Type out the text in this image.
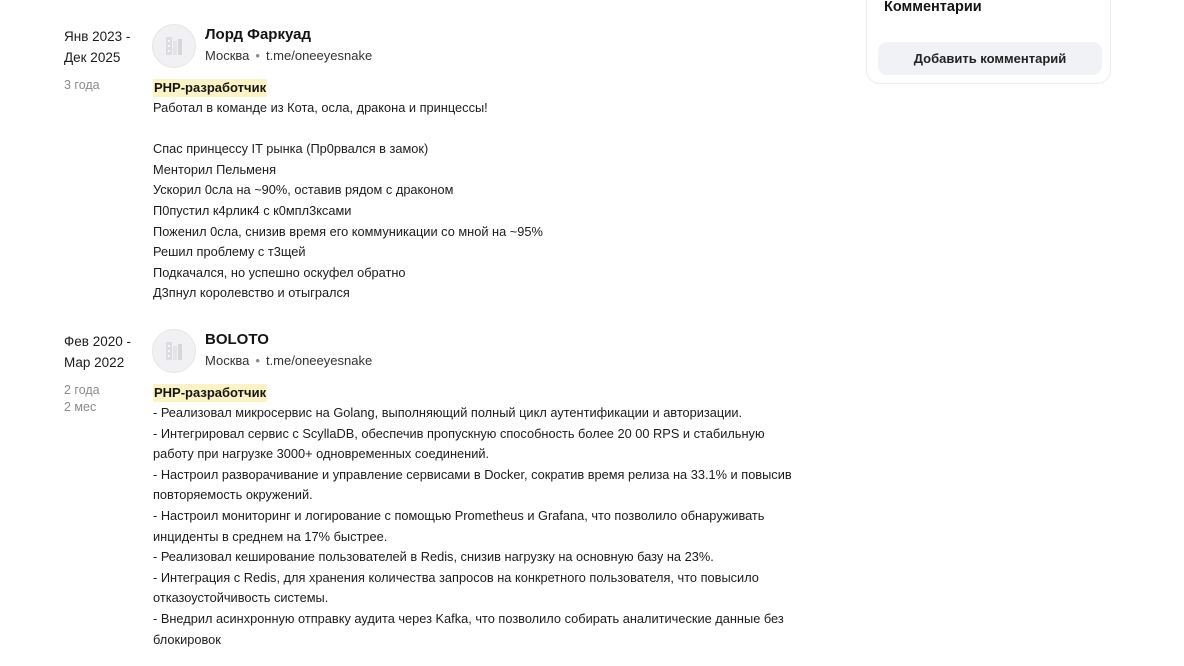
Янв 2023 -
Дек 2025
3 года
Лорд Фаркуад
Москва • t.me/oneeyesnake
PHP-разработчик
Работал в команде из Кота, осла, дракона и принцессы!

Спас принцессу IT рынка (Пр0рвался в замок)
Менторил Пельменя
Ускорил 0сла на ~90%, оставив рядом с драконом
П0пустил к4рлик4 с к0мпл3ксами
Поженил 0сла, снизив время его коммуникации со мной на ~95%
Решил проблему с т3щей
Подкачался, но успешно оскуфел обратно
Д3пнул королевство и отыгрался
Фев 2020 -
Мар 2022
2 года
2 мес
BOLOTO
Москва • t.me/oneeyesnake
PHP-разработчик
- Реализовал микросервис на Golang, выполняющий полный цикл аутентификации и авторизации.
- Интегрировал сервис с ScyllaDB, обеспечив пропускную способность более 20 00 RPS и стабильную
работу при нагрузке 3000+ одновременных соединений.
- Настроил разворачивание и управление сервисами в Docker, сократив время релиза на 33.1% и повысив
повторяемость окружений.
- Настроил мониторинг и логирование с помощью Prometheus и Grafana, что позволило обнаруживать
инциденты в среднем на 17% быстрее.
- Реализовал кеширование пользователей в Redis, снизив нагрузку на основную базу на 23%.
- Интеграция с Redis, для хранения количества запросов на конкретного пользователя, что повысило
отказоустойчивость системы.
- Внедрил асинхронную отправку аудита через Kafka, что позволило собирать аналитические данные без
блокировок
Комментарии
Добавить комментарий
